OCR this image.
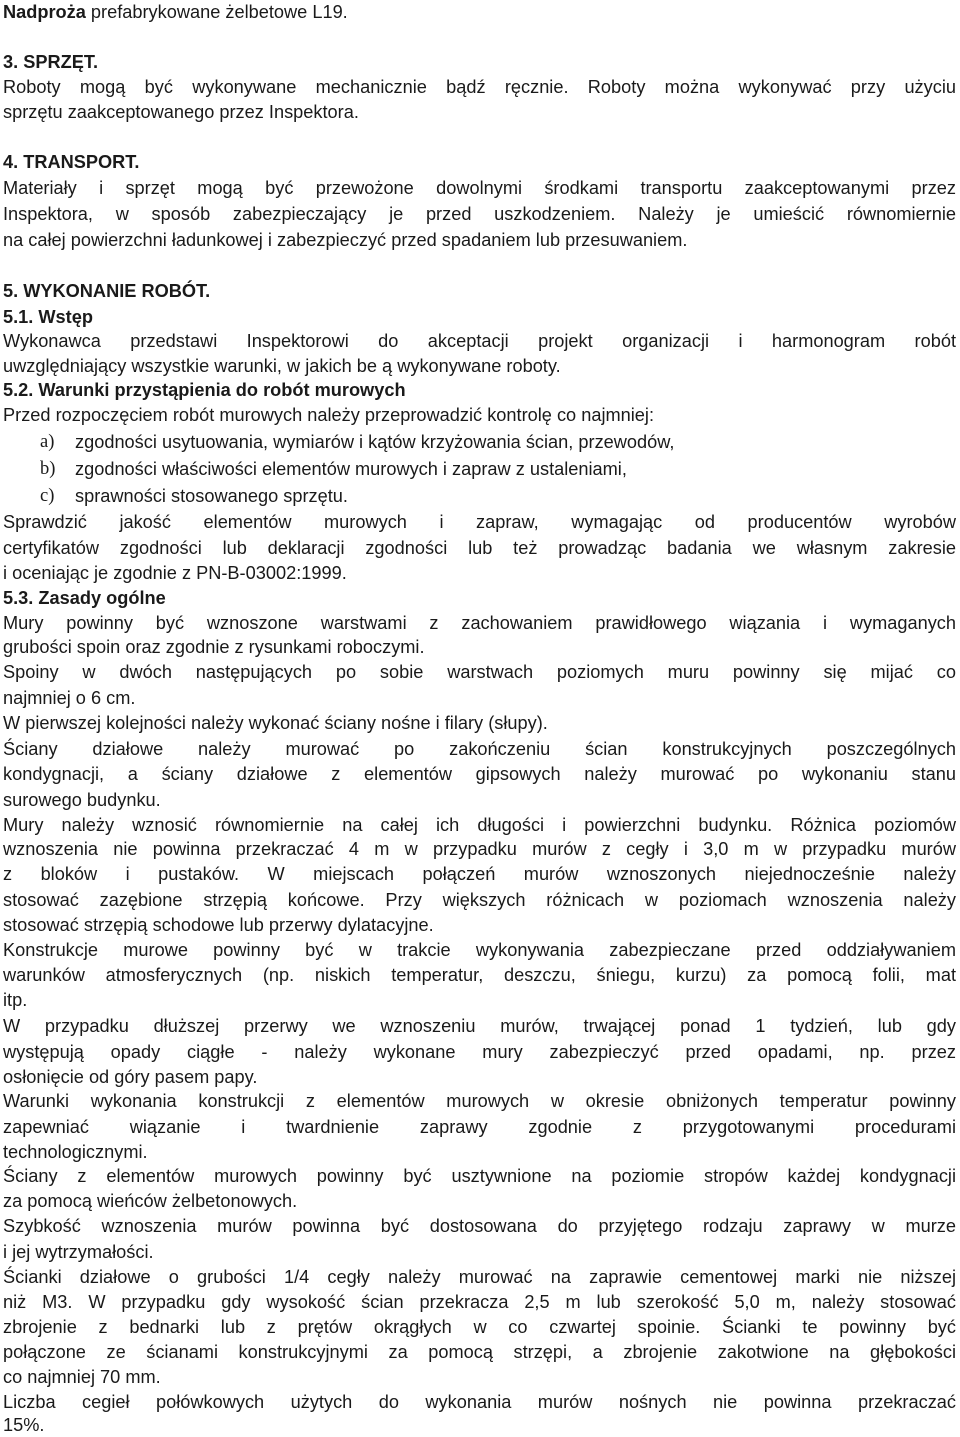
Nadproża prefabrykowane żelbetowe L19.
3. SPRZĘT.
Roboty mogą być wykonywane mechanicznie bądź ręcznie. Roboty można wykonywać przy użyciu
sprzętu zaakceptowanego przez Inspektora.
4. TRANSPORT.
Materiały i sprzęt mogą być przewożone dowolnymi środkami transportu zaakceptowanymi przez
Inspektora, w sposób zabezpieczający je przed uszkodzeniem. Należy je umieścić równomiernie
na całej powierzchni ładunkowej i zabezpieczyć przed spadaniem lub przesuwaniem.
5. WYKONANIE ROBÓT.
5.1. Wstęp
Wykonawca przedstawi Inspektorowi do akceptacji projekt organizacji i harmonogram robót
uwzględniający wszystkie warunki, w jakich be ą wykonywane roboty.
5.2. Warunki przystąpienia do robót murowych
Przed rozpoczęciem robót murowych należy przeprowadzić kontrolę co najmniej:
a) zgodności usytuowania, wymiarów i kątów krzyżowania ścian, przewodów,
b) zgodności właściwości elementów murowych i zapraw z ustaleniami,
c) sprawności stosowanego sprzętu.
Sprawdzić jakość elementów murowych i zapraw, wymagając od producentów wyrobów
certyfikatów zgodności lub deklaracji zgodności lub też prowadząc badania we własnym zakresie
i oceniając je zgodnie z PN-B-03002:1999.
5.3. Zasady ogólne
Mury powinny być wznoszone warstwami z zachowaniem prawidłowego wiązania i wymaganych
grubości spoin oraz zgodnie z rysunkami roboczymi.
Spoiny w dwóch następujących po sobie warstwach poziomych muru powinny się mijać co
najmniej o 6 cm.
W pierwszej kolejności należy wykonać ściany nośne i filary (słupy).
Ściany działowe należy murować po zakończeniu ścian konstrukcyjnych poszczególnych
kondygnacji, a ściany działowe z elementów gipsowych należy murować po wykonaniu stanu
surowego budynku.
Mury należy wznosić równomiernie na całej ich długości i powierzchni budynku. Różnica poziomów
wznoszenia nie powinna przekraczać 4 m w przypadku murów z cegły i 3,0 m w przypadku murów
z bloków i pustaków. W miejscach połączeń murów wznoszonych niejednocześnie należy
stosować zazębione strzępią końcowe. Przy większych różnicach w poziomach wznoszenia należy
stosować strzępią schodowe lub przerwy dylatacyjne.
Konstrukcje murowe powinny być w trakcie wykonywania zabezpieczane przed oddziaływaniem
warunków atmosferycznych (np. niskich temperatur, deszczu, śniegu, kurzu) za pomocą folii, mat
itp.
W przypadku dłuższej przerwy we wznoszeniu murów, trwającej ponad 1 tydzień, lub gdy
występują opady ciągłe - należy wykonane mury zabezpieczyć przed opadami, np. przez
osłonięcie od góry pasem papy.
Warunki wykonania konstrukcji z elementów murowych w okresie obniżonych temperatur powinny
zapewniać wiązanie i twardnienie zaprawy zgodnie z przygotowanymi procedurami
technologicznymi.
Ściany z elementów murowych powinny być usztywnione na poziomie stropów każdej kondygnacji
za pomocą wieńców żelbetonowych.
Szybkość wznoszenia murów powinna być dostosowana do przyjętego rodzaju zaprawy w murze
i jej wytrzymałości.
Ścianki działowe o grubości 1/4 cegły należy murować na zaprawie cementowej marki nie niższej
niż M3. W przypadku gdy wysokość ścian przekracza 2,5 m lub szerokość 5,0 m, należy stosować
zbrojenie z bednarki lub z prętów okrągłych w co czwartej spoinie. Ścianki te powinny być
połączone ze ścianami konstrukcyjnymi za pomocą strzępi, a zbrojenie zakotwione na głębokości
co najmniej 70 mm.
Liczba cegieł połówkowych użytych do wykonania murów nośnych nie powinna przekraczać
15%.
